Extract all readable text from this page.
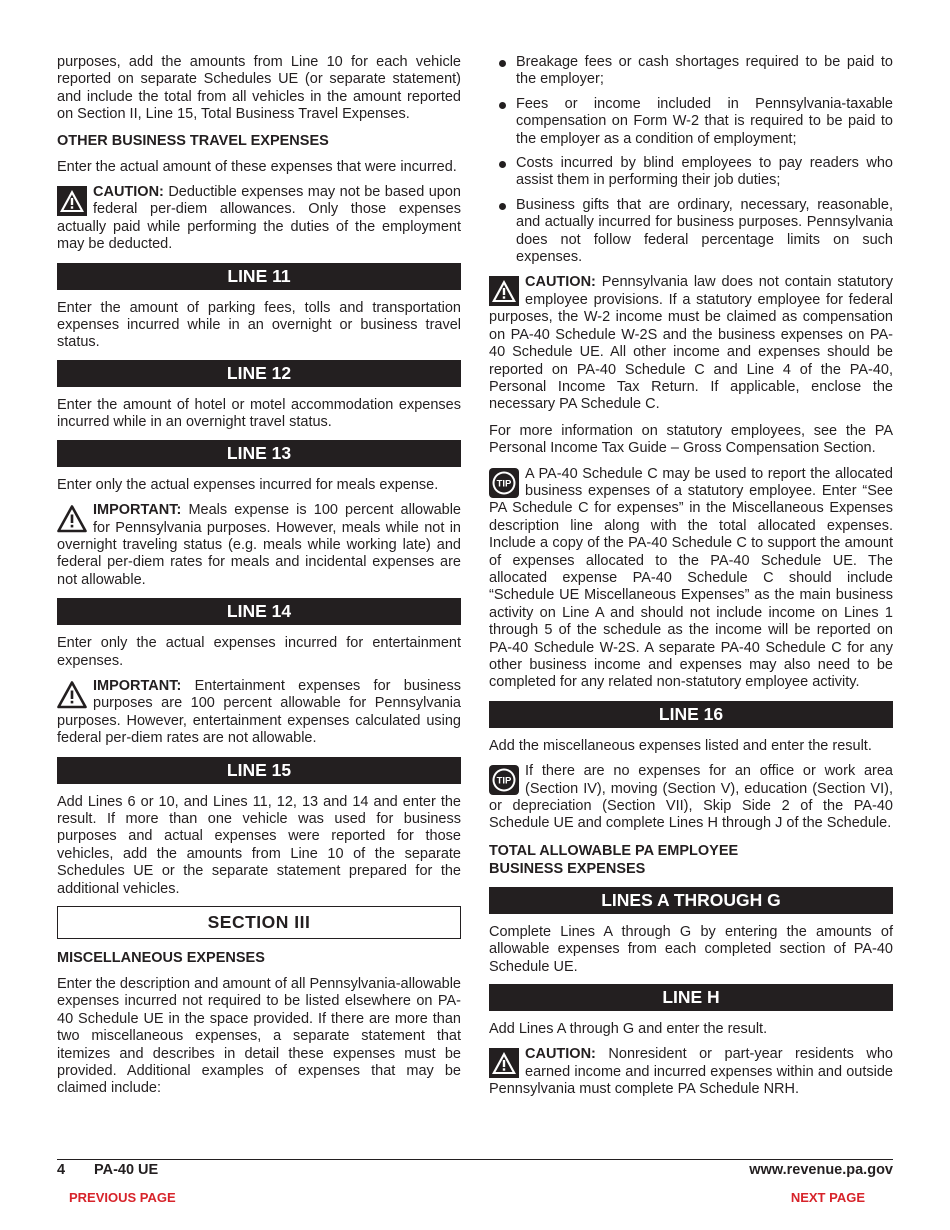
purposes, add the amounts from Line 10 for each vehicle reported on separate Schedules UE (or separate statement) and include the total from all vehicles in the amount reported on Section II, Line 15, Total Business Travel Expenses.

OTHER BUSINESS TRAVEL EXPENSES

Enter the actual amount of these expenses that were incurred.

CAUTION: Deductible expenses may not be based upon federal per-diem allowances. Only those expenses actually paid while performing the duties of the employment may be deducted.
LINE 11

Enter the amount of parking fees, tolls and transportation expenses incurred while in an overnight or business travel status.

LINE 12

Enter the amount of hotel or motel accommodation expenses incurred while in an overnight travel status.

LINE 13

Enter only the actual expenses incurred for meals expense.

IMPORTANT: Meals expense is 100 percent allowable for Pennsylvania purposes. However, meals while not in overnight traveling status (e.g. meals while working late) and federal per-diem rates for meals and incidental expenses are not allowable.
LINE 14

Enter only the actual expenses incurred for entertainment expenses.

IMPORTANT: Entertainment expenses for business purposes are 100 percent allowable for Pennsylvania purposes. However, entertainment expenses calculated using federal per-diem rates are not allowable.
LINE 15

Add Lines 6 or 10, and Lines 11, 12, 13 and 14 and enter the result. If more than one vehicle was used for business purposes and actual expenses were reported for those vehicles, add the amounts from Line 10 of the separate Schedules UE or the separate statement prepared for the additional vehicles.

SECTION III
MISCELLANEOUS EXPENSES

Enter the description and amount of all Pennsylvania-allowable expenses incurred not required to be listed elsewhere on PA-40 Schedule UE in the space provided. If there are more than two miscellaneous expenses, a separate statement that itemizes and describes in detail these expenses must be provided. Additional examples of expenses that may be claimed include:

Breakage fees or cash shortages required to be paid to the employer;
Fees or income included in Pennsylvania-taxable compensation on Form W-2 that is required to be paid to the employer as a condition of employment;
Costs incurred by blind employees to pay readers who assist them in performing their job duties;
Business gifts that are ordinary, necessary, reasonable, and actually incurred for business purposes. Pennsylvania does not follow federal percentage limits on such expenses.
CAUTION: Pennsylvania law does not contain statutory employee provisions. If a statutory employee for federal purposes, the W-2 income must be claimed as compensation on PA-40 Schedule W-2S and the business expenses on PA-40 Schedule UE. All other income and expenses should be reported on PA-40 Schedule C and Line 4 of the PA-40, Personal Income Tax Return. If applicable, enclose the necessary PA Schedule C.

For more information on statutory employees, see the PA Personal Income Tax Guide – Gross Compensation Section.

TIP
A PA-40 Schedule C may be used to report the allocated business expenses of a statutory employee. Enter “See PA Schedule C for expenses” in the Miscellaneous Expenses description line along with the total allocated expenses. Include a copy of the PA-40 Schedule C to support the amount of expenses allocated to the PA-40 Schedule UE. The allocated expense PA-40 Schedule C should include “Schedule UE Miscellaneous Expenses” as the main business activity on Line A and should not include income on Lines 1 through 5 of the schedule as the income will be reported on PA-40 Schedule W-2S. A separate PA-40 Schedule C for any other business income and expenses may also need to be completed for any related non-statutory employee activity.
LINE 16

Add the miscellaneous expenses listed and enter the result.

TIP
If there are no expenses for an office or work area (Section IV), moving (Section V), education (Section VI), or depreciation (Section VII), Skip Side 2 of the PA-40 Schedule UE and complete Lines H through J of the Schedule.
TOTAL ALLOWABLE PA EMPLOYEE
BUSINESS EXPENSES
LINES A THROUGH G

Complete Lines A through G by entering the amounts of allowable expenses from each completed section of PA-40 Schedule UE.

LINE H

Add Lines A through G and enter the result.

CAUTION: Nonresident or part-year residents who earned income and incurred expenses within and outside Pennsylvania must complete PA Schedule NRH.
4 PA-40 UE	www.revenue.pa.gov
PREVIOUS PAGE	NEXT PAGE
